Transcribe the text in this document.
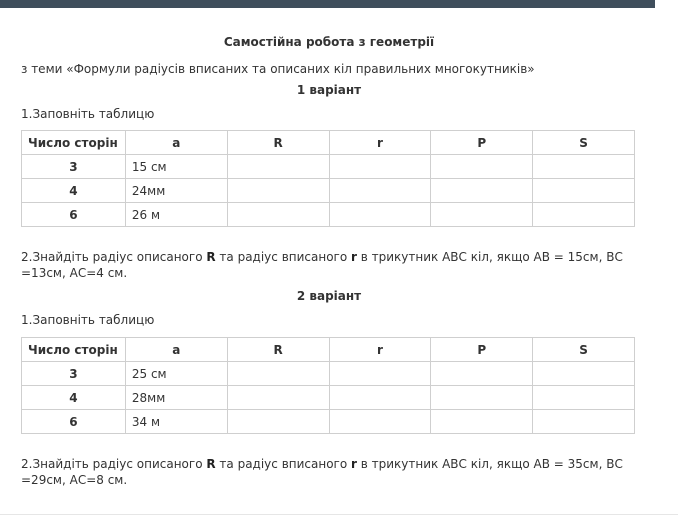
Самостійна робота з геометрії

з теми «Формули радіусів вписаних та описаних кіл правильних многокутників»

1 варіант

1.Заповніть таблицю

Число сторін	a	R	r	P	S
3	15 см				
4	24мм				
6	26 м				

2.Знайдіть радіус описаного R та радіус вписаного r в трикутник АВС кіл, якщо АВ = 15см, ВС =13см, АС=4 см.

2 варіант

1.Заповніть таблицю

Число сторін	a	R	r	P	S
3	25 см				
4	28мм				
6	34 м				

2.Знайдіть радіус описаного R та радіус вписаного r в трикутник АВС кіл, якщо АВ = 35см, ВС =29см, АС=8 см.
